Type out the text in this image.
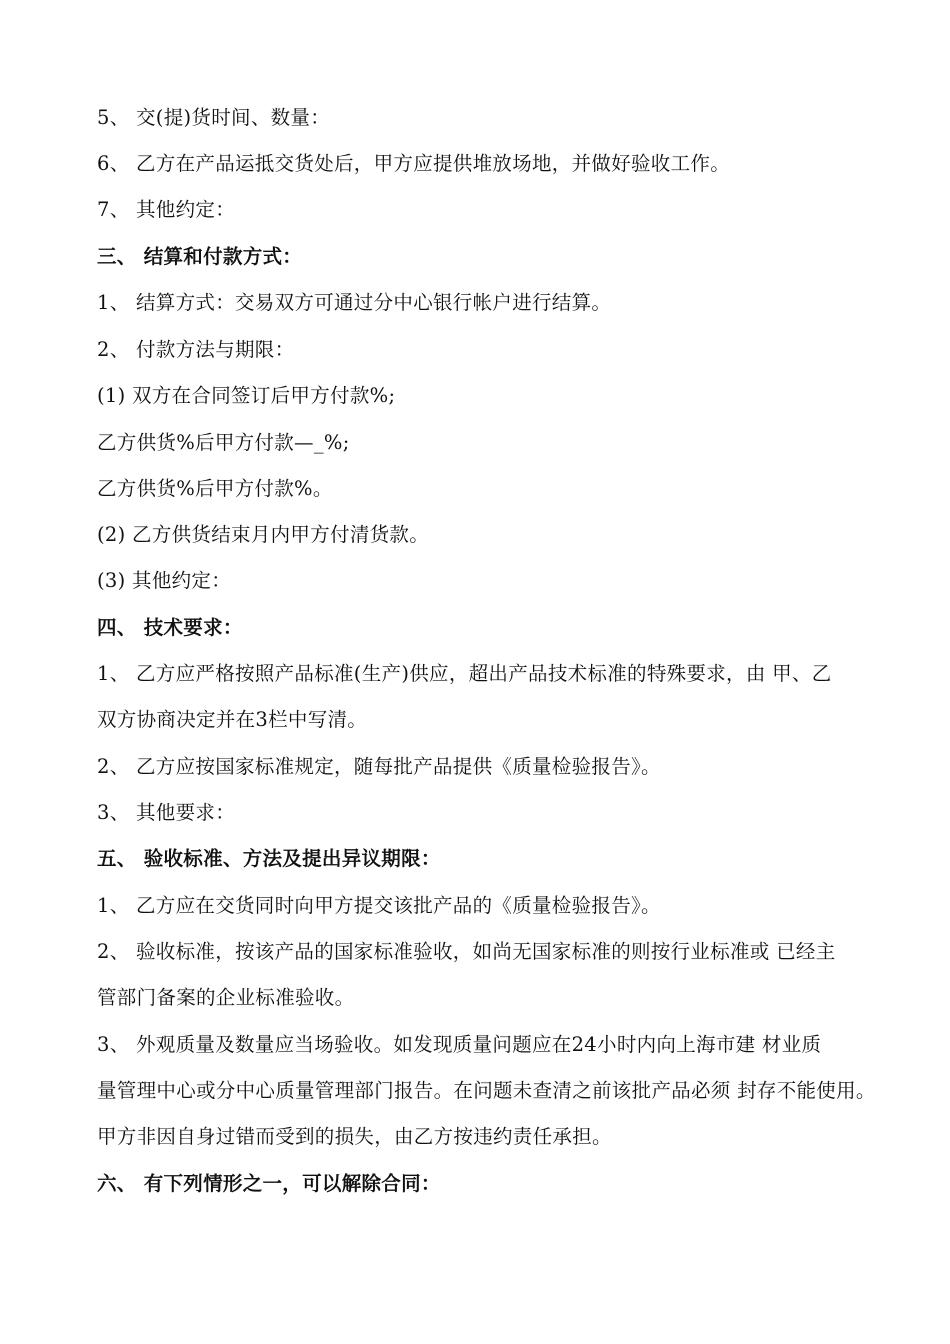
5、 交(提)货时间、数量：
6、 乙方在产品运抵交货处后，甲方应提供堆放场地，并做好验收工作。
7、 其他约定：
三、 结算和付款方式：
1、 结算方式：交易双方可通过分中心银行帐户进行结算。
2、 付款方法与期限：
(1) 双方在合同签订后甲方付款%;
乙方供货%后甲方付款—_%;
乙方供货%后甲方付款%。
(2) 乙方供货结束月内甲方付清货款。
(3) 其他约定：
四、 技术要求：
1、 乙方应严格按照产品标准(生产)供应，超出产品技术标准的特殊要求，由 甲、乙
双方协商决定并在3栏中写清。
2、 乙方应按国家标准规定，随每批产品提供《质量检验报告》。
3、 其他要求：
五、 验收标准、方法及提出异议期限：
1、 乙方应在交货同时向甲方提交该批产品的《质量检验报告》。
2、 验收标准，按该产品的国家标准验收，如尚无国家标准的则按行业标准或 已经主
管部门备案的企业标准验收。
3、 外观质量及数量应当场验收。如发现质量问题应在24小时内向上海市建 材业质
量管理中心或分中心质量管理部门报告。在问题未查清之前该批产品必须 封存不能使用。
甲方非因自身过错而受到的损失，由乙方按违约责任承担。
六、 有下列情形之一，可以解除合同：
